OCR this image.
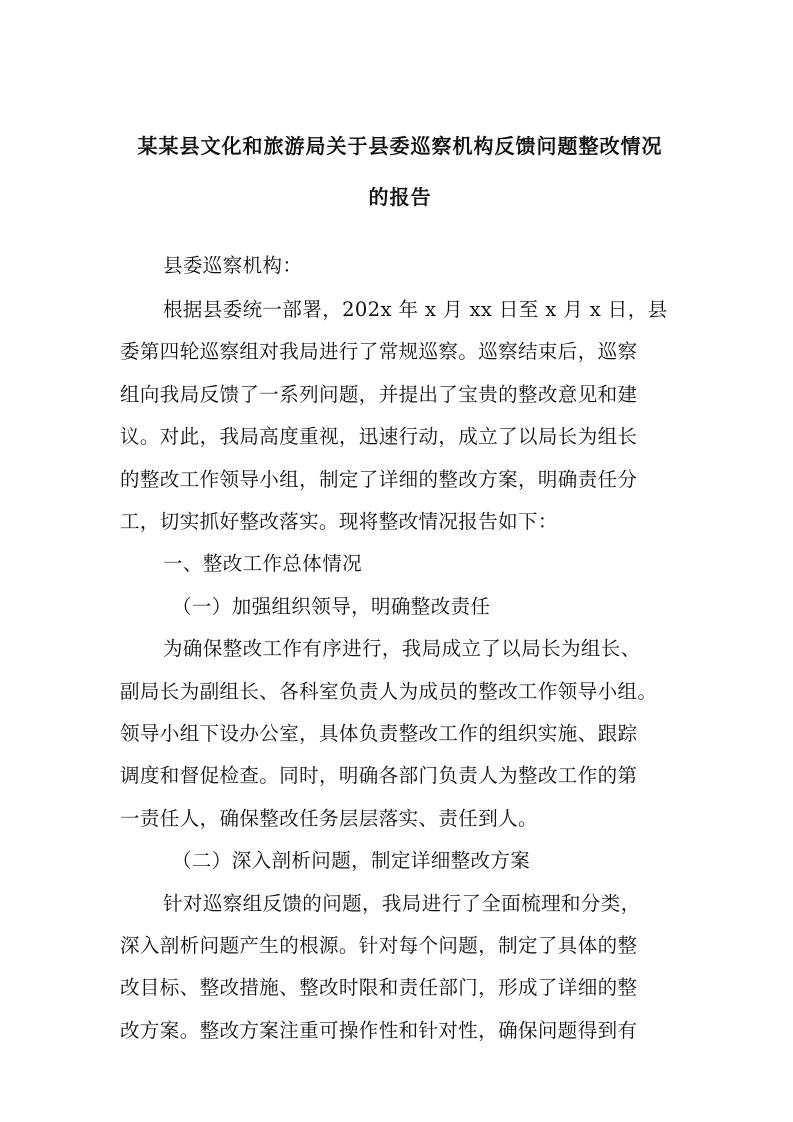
某某县文化和旅游局关于县委巡察机构反馈问题整改情况
的报告
县委巡察机构：
根据县委统一部署，202x 年 x 月 xx 日至 x 月 x 日，县
委第四轮巡察组对我局进行了常规巡察。巡察结束后，巡察
组向我局反馈了一系列问题，并提出了宝贵的整改意见和建
议。对此，我局高度重视，迅速行动，成立了以局长为组长
的整改工作领导小组，制定了详细的整改方案，明确责任分
工，切实抓好整改落实。现将整改情况报告如下：
一、整改工作总体情况
（一）加强组织领导，明确整改责任
为确保整改工作有序进行，我局成立了以局长为组长、
副局长为副组长、各科室负责人为成员的整改工作领导小组。
领导小组下设办公室，具体负责整改工作的组织实施、跟踪
调度和督促检查。同时，明确各部门负责人为整改工作的第
一责任人，确保整改任务层层落实、责任到人。
（二）深入剖析问题，制定详细整改方案
针对巡察组反馈的问题，我局进行了全面梳理和分类，
深入剖析问题产生的根源。针对每个问题，制定了具体的整
改目标、整改措施、整改时限和责任部门，形成了详细的整
改方案。整改方案注重可操作性和针对性，确保问题得到有
